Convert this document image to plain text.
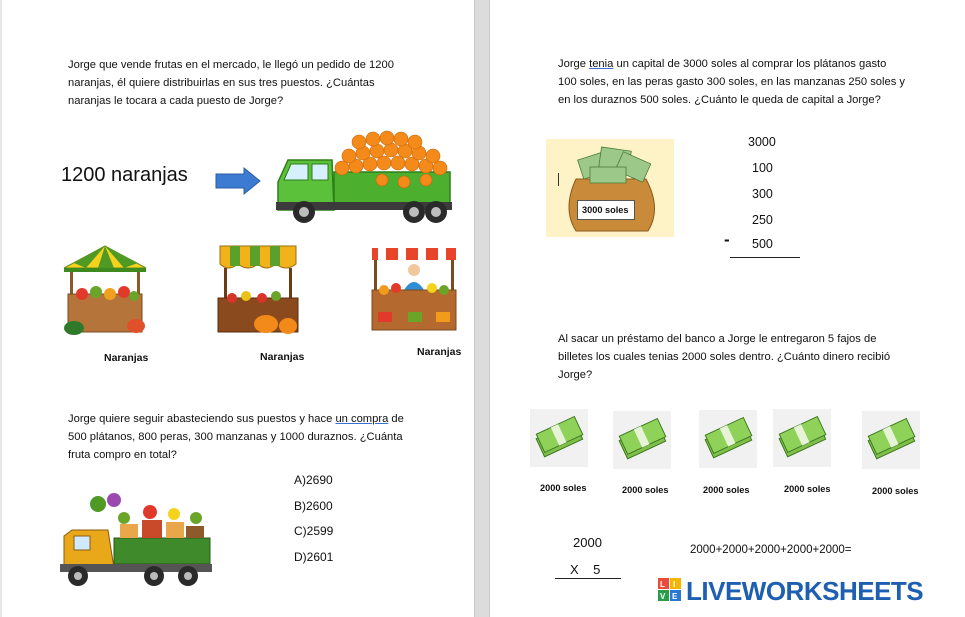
Jorge que vende frutas en el mercado, le llegó un pedido de 1200 naranjas, él quiere distribuirlas en sus tres puestos. ¿Cuántas naranjas le tocara a cada puesto de Jorge?
1200 naranjas
Naranjas	Naranjas	Naranjas
Jorge quiere seguir abasteciendo sus puestos y hace un compra de 500 plátanos, 800 peras, 300 manzanas y 1000 duraznos. ¿Cuánta fruta compro en total?
A)2690
B)2600
C)2599
D)2601
Jorge tenia un capital de 3000 soles al comprar los plátanos gasto 100 soles, en las peras gasto 300 soles, en las manzanas 250 soles y en los duraznos 500 soles. ¿Cuánto le queda de capital a Jorge?
3000 soles
3000
100
300
250
- 500
Al sacar un préstamo del banco a Jorge le entregaron 5 fajos de billetes los cuales tenias 2000 soles dentro. ¿Cuánto dinero recibió Jorge?
2000 soles	2000 soles	2000 soles	2000 soles	2000 soles
2000
X    5
2000+2000+2000+2000+2000=
L I
V E LIVEWORKSHEETS
